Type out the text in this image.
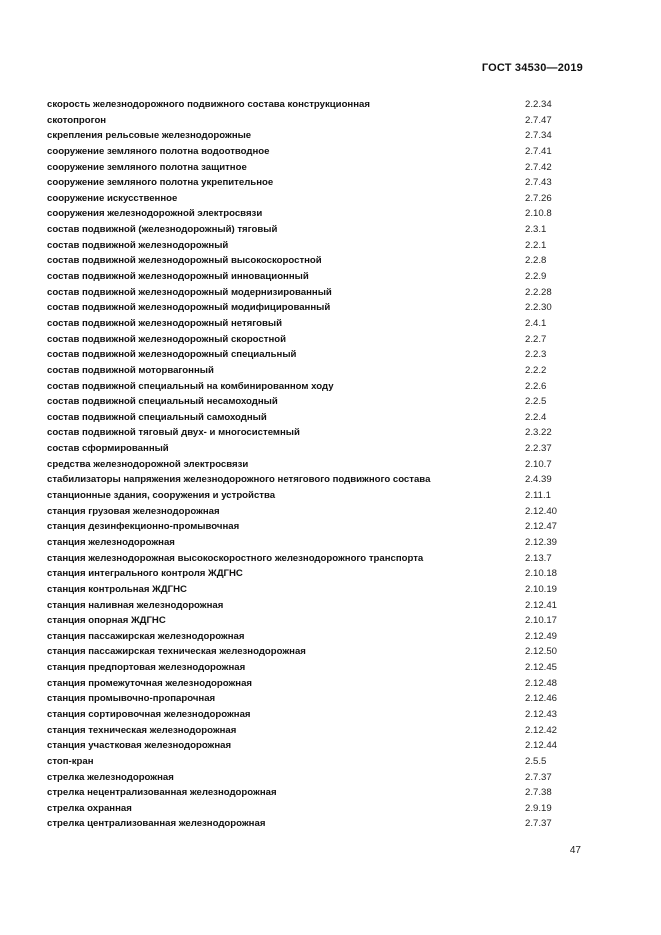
ГОСТ 34530—2019
скорость железнодорожного подвижного состава конструкционная	2.2.34
скотопрогон	2.7.47
скрепления рельсовые железнодорожные	2.7.34
сооружение земляного полотна водоотводное	2.7.41
сооружение земляного полотна защитное	2.7.42
сооружение земляного полотна укрепительное	2.7.43
сооружение искусственное	2.7.26
сооружения железнодорожной электросвязи	2.10.8
состав подвижной (железнодорожный) тяговый	2.3.1
состав подвижной железнодорожный	2.2.1
состав подвижной железнодорожный высокоскоростной	2.2.8
состав подвижной железнодорожный инновационный	2.2.9
состав подвижной железнодорожный модернизированный	2.2.28
состав подвижной железнодорожный модифицированный	2.2.30
состав подвижной железнодорожный нетяговый	2.4.1
состав подвижной железнодорожный скоростной	2.2.7
состав подвижной железнодорожный специальный	2.2.3
состав подвижной моторвагонный	2.2.2
состав подвижной специальный на комбинированном ходу	2.2.6
состав подвижной специальный несамоходный	2.2.5
состав подвижной специальный самоходный	2.2.4
состав подвижной тяговый двух- и многосистемный	2.3.22
состав сформированный	2.2.37
средства железнодорожной электросвязи	2.10.7
стабилизаторы напряжения железнодорожного нетягового подвижного состава	2.4.39
станционные здания, сооружения и устройства	2.11.1
станция грузовая железнодорожная	2.12.40
станция дезинфекционно-промывочная	2.12.47
станция железнодорожная	2.12.39
станция железнодорожная высокоскоростного железнодорожного транспорта	2.13.7
станция интегрального контроля ЖДГНС	2.10.18
станция контрольная ЖДГНС	2.10.19
станция наливная железнодорожная	2.12.41
станция опорная ЖДГНС	2.10.17
станция пассажирская железнодорожная	2.12.49
станция пассажирская техническая железнодорожная	2.12.50
станция предпортовая железнодорожная	2.12.45
станция промежуточная железнодорожная	2.12.48
станция промывочно-пропарочная	2.12.46
станция сортировочная железнодорожная	2.12.43
станция техническая железнодорожная	2.12.42
станция участковая железнодорожная	2.12.44
стоп-кран	2.5.5
стрелка железнодорожная	2.7.37
стрелка нецентрализованная железнодорожная	2.7.38
стрелка охранная	2.9.19
стрелка централизованная железнодорожная	2.7.37
47
